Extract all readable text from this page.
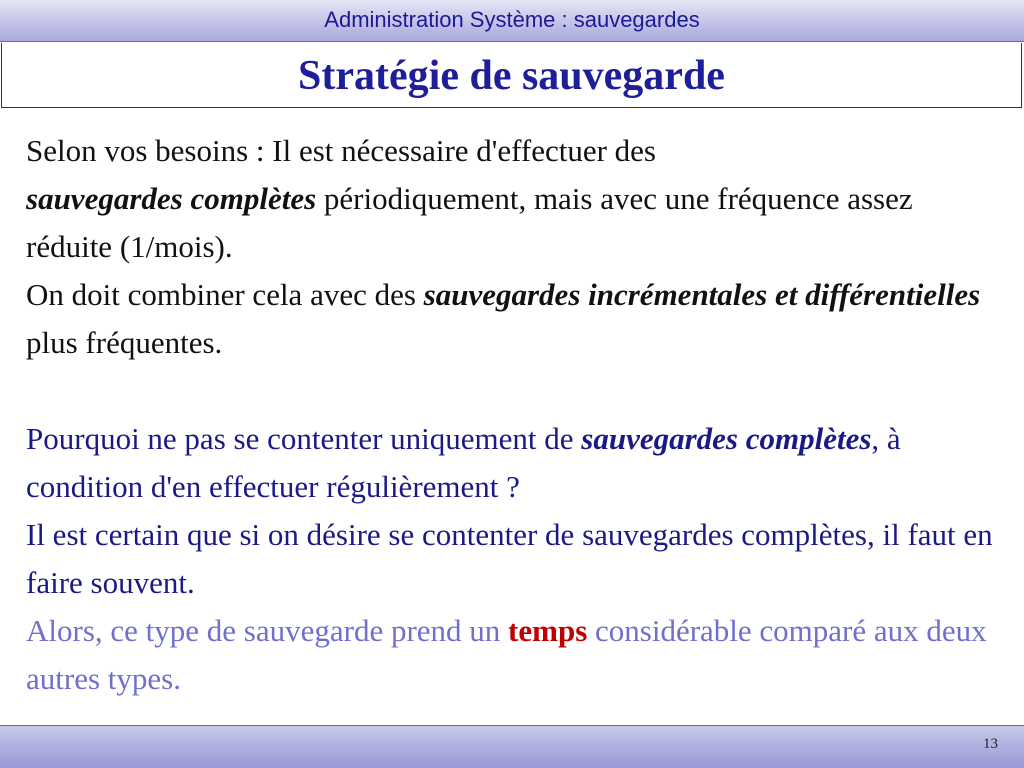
Administration Système : sauvegardes
Stratégie de sauvegarde

Selon vos besoins : Il est nécessaire d'effectuer des
sauvegardes complètes périodiquement, mais avec une fréquence assez réduite (1/mois).

On doit combiner cela avec des sauvegardes incrémentales et différentielles plus fréquentes.

Pourquoi ne pas se contenter uniquement de sauvegardes complètes, à condition d'en effectuer régulièrement ?

Il est certain que si on désire se contenter de sauvegardes complètes, il faut en faire souvent.

Alors, ce type de sauvegarde prend un temps considérable comparé aux deux autres types.

13
